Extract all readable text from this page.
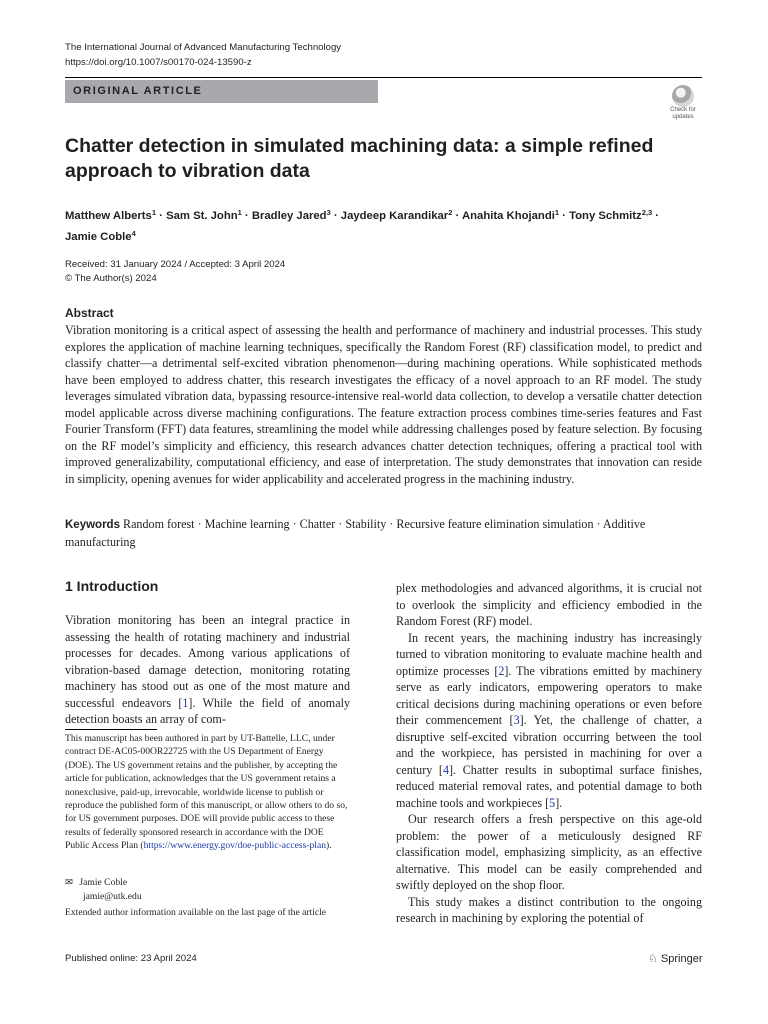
The International Journal of Advanced Manufacturing Technology
https://doi.org/10.1007/s00170-024-13590-z
ORIGINAL ARTICLE
Check for
updates
Chatter detection in simulated machining data: a simple refined approach to vibration data
Matthew Alberts$^1$ · Sam St. John$^1$ · Bradley Jared$^3$ · Jaydeep Karandikar$^2$ · Anahita Khojandi$^1$ · Tony Schmitz$^{2,3}$ ·
Jamie Coble$^4$
Received: 31 January 2024 / Accepted: 3 April 2024
© The Author(s) 2024
Abstract

Vibration monitoring is a critical aspect of assessing the health and performance of machinery and industrial processes. This study explores the application of machine learning techniques, specifically the Random Forest (RF) classification model, to predict and classify chatter—a detrimental self-excited vibration phenomenon—during machining operations. While sophisticated methods have been employed to address chatter, this research investigates the efficacy of a novel approach to an RF model. The study leverages simulated vibration data, bypassing resource-intensive real-world data collection, to develop a versatile chatter detection model applicable across diverse machining configurations. The feature extraction process combines time-series features and Fast Fourier Transform (FFT) data features, streamlining the model while addressing challenges posed by feature selection. By focusing on the RF model’s simplicity and efficiency, this research advances chatter detection techniques, offering a practical tool with improved generalizability, computational efficiency, and ease of interpretation. The study demonstrates that innovation can reside in simplicity, opening avenues for wider applicability and accelerated progress in the machining industry.

Keywords Random forest · Machine learning · Chatter · Stability · Recursive feature elimination simulation · Additive manufacturing

1 Introduction

Vibration monitoring has been an integral practice in assessing the health of rotating machinery and industrial processes for decades. Among various applications of vibration-based damage detection, monitoring rotating machinery has stood out as one of the most mature and successful endeavors [1]. While the field of anomaly detection boasts an array of com-

This manuscript has been authored in part by UT-Battelle, LLC, under contract DE-AC05-00OR22725 with the US Department of Energy (DOE). The US government retains and the publisher, by accepting the article for publication, acknowledges that the US government retains a nonexclusive, paid-up, irrevocable, worldwide license to publish or reproduce the published form of this manuscript, or allow others to do so, for US government purposes. DOE will provide public access to these results of federally sponsored research in accordance with the DOE Public Access Plan (https://www.energy.gov/doe-public-access-plan).

✉ Jamie Coble
jamie@utk.edu
Extended author information available on the last page of the article

plex methodologies and advanced algorithms, it is crucial not to overlook the simplicity and efficiency embodied in the Random Forest (RF) model.

In recent years, the machining industry has increasingly turned to vibration monitoring to evaluate machine health and optimize processes [2]. The vibrations emitted by machinery serve as early indicators, empowering operators to make critical decisions during machining operations or even before their commencement [3]. Yet, the challenge of chatter, a disruptive self-excited vibration occurring between the tool and the workpiece, has persisted in machining for over a century [4]. Chatter results in suboptimal surface finishes, reduced material removal rates, and potential damage to both machine tools and workpieces [5].

Our research offers a fresh perspective on this age-old problem: the power of a meticulously designed RF classification model, emphasizing simplicity, as an effective alternative. This model can be easily comprehended and swiftly deployed on the shop floor.

This study makes a distinct contribution to the ongoing research in machining by exploring the potential of

Published online: 23 April 2024	♘ Springer
